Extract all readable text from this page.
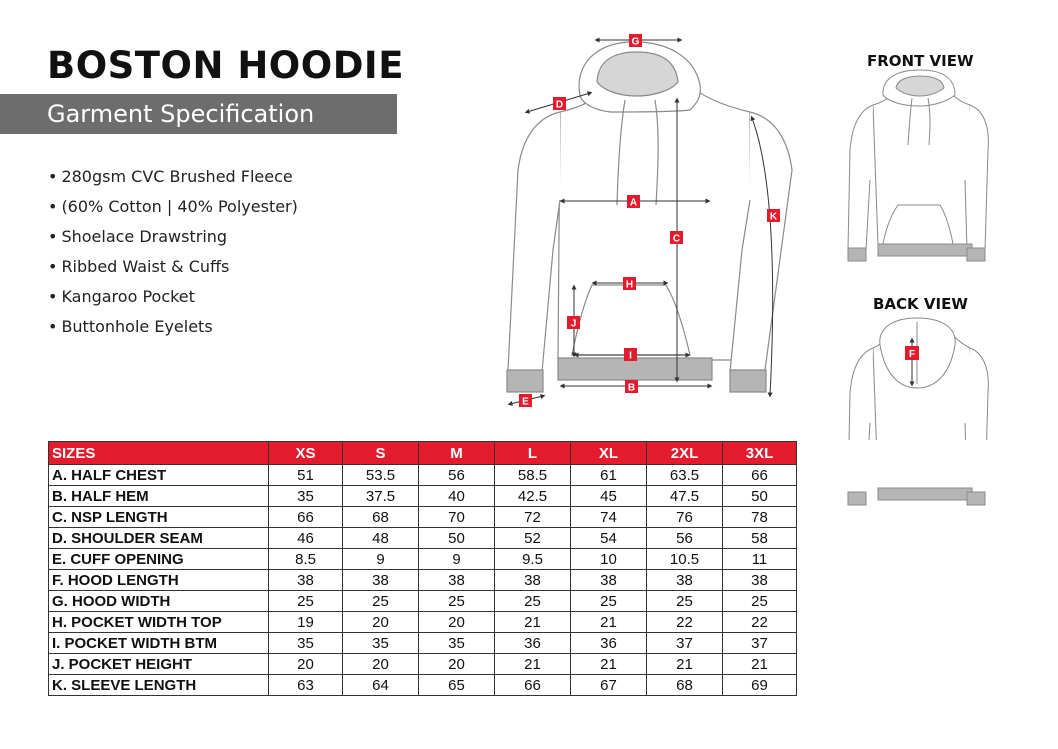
BOSTON HOODIE
Garment Specification
• 280gsm CVC Brushed Fleece
• (60% Cotton | 40% Polyester)
• Shoelace Drawstring
• Ribbed Waist & Cuffs
• Kangaroo Pocket
• Buttonhole Eyelets
FRONT VIEW
BACK VIEW
G
D
A
C
K
H
J
I
B
E
F
SIZES	XS	S	M	L	XL	2XL	3XL
A. HALF CHEST	51	53.5	56	58.5	61	63.5	66
B. HALF HEM	35	37.5	40	42.5	45	47.5	50
C. NSP LENGTH	66	68	70	72	74	76	78
D. SHOULDER SEAM	46	48	50	52	54	56	58
E. CUFF OPENING	8.5	9	9	9.5	10	10.5	11
F. HOOD LENGTH	38	38	38	38	38	38	38
G. HOOD WIDTH	25	25	25	25	25	25	25
H. POCKET WIDTH TOP	19	20	20	21	21	22	22
I. POCKET WIDTH BTM	35	35	35	36	36	37	37
J. POCKET HEIGHT	20	20	20	21	21	21	21
K. SLEEVE LENGTH	63	64	65	66	67	68	69
